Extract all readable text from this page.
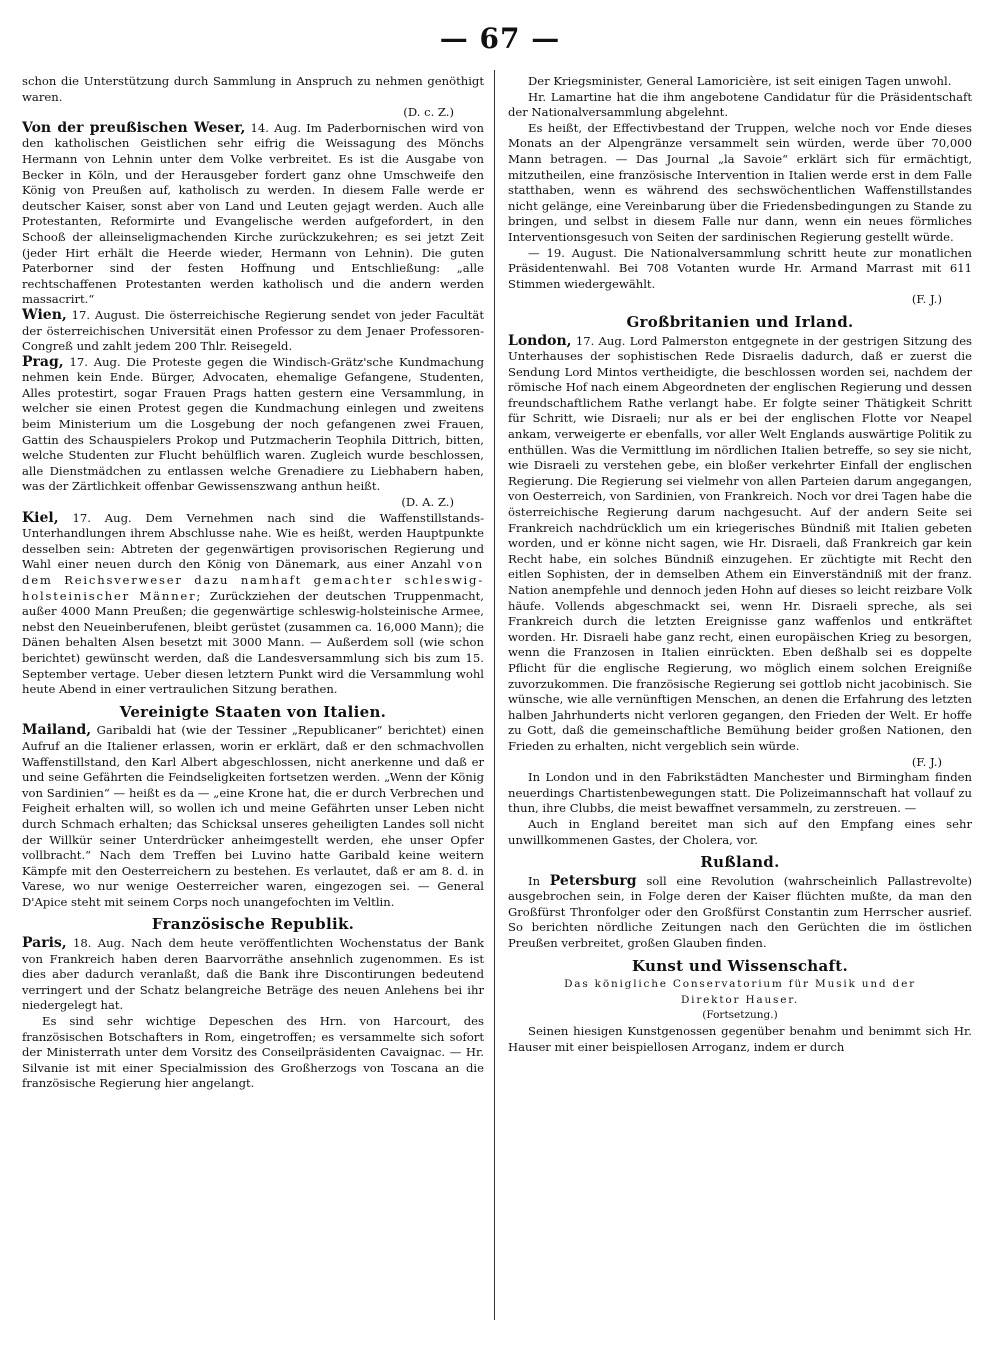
— 67 —

schon die Unterstützung durch Sammlung in Anspruch zu nehmen genöthigt waren.

(D. c. Z.)

Von der preußischen Weser, 14. Aug. Im Paderbornischen wird von den katholischen Geistlichen sehr eifrig die Weissagung des Mönchs Hermann von Lehnin unter dem Volke verbreitet. Es ist die Ausgabe von Becker in Köln, und der Herausgeber fordert ganz ohne Umschweife den König von Preußen auf, katholisch zu werden. In diesem Falle werde er deutscher Kaiser, sonst aber von Land und Leuten gejagt werden. Auch alle Protestanten, Reformirte und Evangelische werden aufgefordert, in den Schooß der alleinseligmachenden Kirche zurückzukehren; es sei jetzt Zeit (jeder Hirt erhält die Heerde wieder, Hermann von Lehnin). Die guten Paterborner sind der festen Hoffnung und Entschließung: „alle rechtschaffenen Protestanten werden katholisch und die andern werden massacrirt.“

Wien, 17. August. Die österreichische Regierung sendet von jeder Facultät der österreichischen Universität einen Professor zu dem Jenaer Professoren-Congreß und zahlt jedem 200 Thlr. Reisegeld.

Prag, 17. Aug. Die Proteste gegen die Windisch-Grätz'sche Kundmachung nehmen kein Ende. Bürger, Advocaten, ehemalige Gefangene, Studenten, Alles protestirt, sogar Frauen Prags hatten gestern eine Versammlung, in welcher sie einen Protest gegen die Kundmachung einlegen und zweitens beim Ministerium um die Losgebung der noch gefangenen zwei Frauen, Gattin des Schauspielers Prokop und Putzmacherin Teophila Dittrich, bitten, welche Studenten zur Flucht behülflich waren. Zugleich wurde beschlossen, alle Dienstmädchen zu entlassen welche Grenadiere zu Liebhabern haben, was der Zärtlichkeit offenbar Gewissenszwang anthun heißt.

(D. A. Z.)

Kiel, 17. Aug. Dem Vernehmen nach sind die Waffenstillstands-Unterhandlungen ihrem Abschlusse nahe. Wie es heißt, werden Hauptpunkte desselben sein: Abtreten der gegenwärtigen provisorischen Regierung und Wahl einer neuen durch den König von Dänemark, aus einer Anzahl von dem Reichsverweser dazu namhaft gemachter schleswig-holsteinischer Männer; Zurückziehen der deutschen Truppenmacht, außer 4000 Mann Preußen; die gegenwärtige schleswig-holsteinische Armee, nebst den Neueinberufenen, bleibt gerüstet (zusammen ca. 16,000 Mann); die Dänen behalten Alsen besetzt mit 3000 Mann. — Außerdem soll (wie schon berichtet) gewünscht werden, daß die Landesversammlung sich bis zum 15. September vertage. Ueber diesen letztern Punkt wird die Versammlung wohl heute Abend in einer vertraulichen Sitzung berathen.

Vereinigte Staaten von Italien.

Mailand, Garibaldi hat (wie der Tessiner „Republicaner“ berichtet) einen Aufruf an die Italiener erlassen, worin er erklärt, daß er den schmachvollen Waffenstillstand, den Karl Albert abgeschlossen, nicht anerkenne und daß er und seine Gefährten die Feindseligkeiten fortsetzen werden. „Wenn der König von Sardinien“ — heißt es da — „eine Krone hat, die er durch Verbrechen und Feigheit erhalten will, so wollen ich und meine Gefährten unser Leben nicht durch Schmach erhalten; das Schicksal unseres geheiligten Landes soll nicht der Willkür seiner Unterdrücker anheimgestellt werden, ehe unser Opfer vollbracht.“ Nach dem Treffen bei Luvino hatte Garibald keine weitern Kämpfe mit den Oesterreichern zu bestehen. Es verlautet, daß er am 8. d. in Varese, wo nur wenige Oesterreicher waren, eingezogen sei. — General D'Apice steht mit seinem Corps noch unangefochten im Veltlin.

Französische Republik.

Paris, 18. Aug. Nach dem heute veröffentlichten Wochenstatus der Bank von Frankreich haben deren Baarvorräthe ansehnlich zugenommen. Es ist dies aber dadurch veranlaßt, daß die Bank ihre Discontirungen bedeutend verringert und der Schatz belangreiche Beträge des neuen Anlehens bei ihr niedergelegt hat.

Es sind sehr wichtige Depeschen des Hrn. von Harcourt, des französischen Botschafters in Rom, eingetroffen; es versammelte sich sofort der Ministerrath unter dem Vorsitz des Conseilpräsidenten Cavaignac. — Hr. Silvanie ist mit einer Specialmission des Großherzogs von Toscana an die französische Regierung hier angelangt.

Der Kriegsminister, General Lamoricière, ist seit einigen Tagen unwohl.

Hr. Lamartine hat die ihm angebotene Candidatur für die Präsidentschaft der Nationalversammlung abgelehnt.

Es heißt, der Effectivbestand der Truppen, welche noch vor Ende dieses Monats an der Alpengränze versammelt sein würden, werde über 70,000 Mann betragen. — Das Journal „la Savoie“ erklärt sich für ermächtigt, mitzutheilen, eine französische Intervention in Italien werde erst in dem Falle statthaben, wenn es während des sechswöchentlichen Waffenstillstandes nicht gelänge, eine Vereinbarung über die Friedensbedingungen zu Stande zu bringen, und selbst in diesem Falle nur dann, wenn ein neues förmliches Interventionsgesuch von Seiten der sardinischen Regierung gestellt würde.

— 19. August. Die Nationalversammlung schritt heute zur monatlichen Präsidentenwahl. Bei 708 Votanten wurde Hr. Armand Marrast mit 611 Stimmen wiedergewählt.

(F. J.)

Großbritanien und Irland.

London, 17. Aug. Lord Palmerston entgegnete in der gestrigen Sitzung des Unterhauses der sophistischen Rede Disraelis dadurch, daß er zuerst die Sendung Lord Mintos vertheidigte, die beschlossen worden sei, nachdem der römische Hof nach einem Abgeordneten der englischen Regierung und dessen freundschaftlichem Rathe verlangt habe. Er folgte seiner Thätigkeit Schritt für Schritt, wie Disraeli; nur als er bei der englischen Flotte vor Neapel ankam, verweigerte er ebenfalls, vor aller Welt Englands auswärtige Politik zu enthüllen. Was die Vermittlung im nördlichen Italien betreffe, so sey sie nicht, wie Disraeli zu verstehen gebe, ein bloßer verkehrter Einfall der englischen Regierung. Die Regierung sei vielmehr von allen Parteien darum angegangen, von Oesterreich, von Sardinien, von Frankreich. Noch vor drei Tagen habe die österreichische Regierung darum nachgesucht. Auf der andern Seite sei Frankreich nachdrücklich um ein kriegerisches Bündniß mit Italien gebeten worden, und er könne nicht sagen, wie Hr. Disraeli, daß Frankreich gar kein Recht habe, ein solches Bündniß einzugehen. Er züchtigte mit Recht den eitlen Sophisten, der in demselben Athem ein Einverständniß mit der franz. Nation anempfehle und dennoch jeden Hohn auf dieses so leicht reizbare Volk häufe. Vollends abgeschmackt sei, wenn Hr. Disraeli spreche, als sei Frankreich durch die letzten Ereignisse ganz waffenlos und entkräftet worden. Hr. Disraeli habe ganz recht, einen europäischen Krieg zu besorgen, wenn die Franzosen in Italien einrückten. Eben deßhalb sei es doppelte Pflicht für die englische Regierung, wo möglich einem solchen Ereigniße zuvorzukommen. Die französische Regierung sei gottlob nicht jacobinisch. Sie wünsche, wie alle vernünftigen Menschen, an denen die Erfahrung des letzten halben Jahrhunderts nicht verloren gegangen, den Frieden der Welt. Er hoffe zu Gott, daß die gemeinschaftliche Bemühung beider großen Nationen, den Frieden zu erhalten, nicht vergeblich sein würde.

(F. J.)

In London und in den Fabrikstädten Manchester und Birmingham finden neuerdings Chartistenbewegungen statt. Die Polizeimannschaft hat vollauf zu thun, ihre Clubbs, die meist bewaffnet versammeln, zu zerstreuen. —

Auch in England bereitet man sich auf den Empfang eines sehr unwillkommenen Gastes, der Cholera, vor.

Rußland.

In Petersburg soll eine Revolution (wahrscheinlich Pallastrevolte) ausgebrochen sein, in Folge deren der Kaiser flüchten mußte, da man den Großfürst Thronfolger oder den Großfürst Constantin zum Herrscher ausrief. So berichten nördliche Zeitungen nach den Gerüchten die im östlichen Preußen verbreitet, großen Glauben finden.

Kunst und Wissenschaft.

Das königliche Conservatorium für Musik und der

Direktor Hauser.

(Fortsetzung.)

Seinen hiesigen Kunstgenossen gegenüber benahm und benimmt sich Hr. Hauser mit einer beispiellosen Arroganz, indem er durch
